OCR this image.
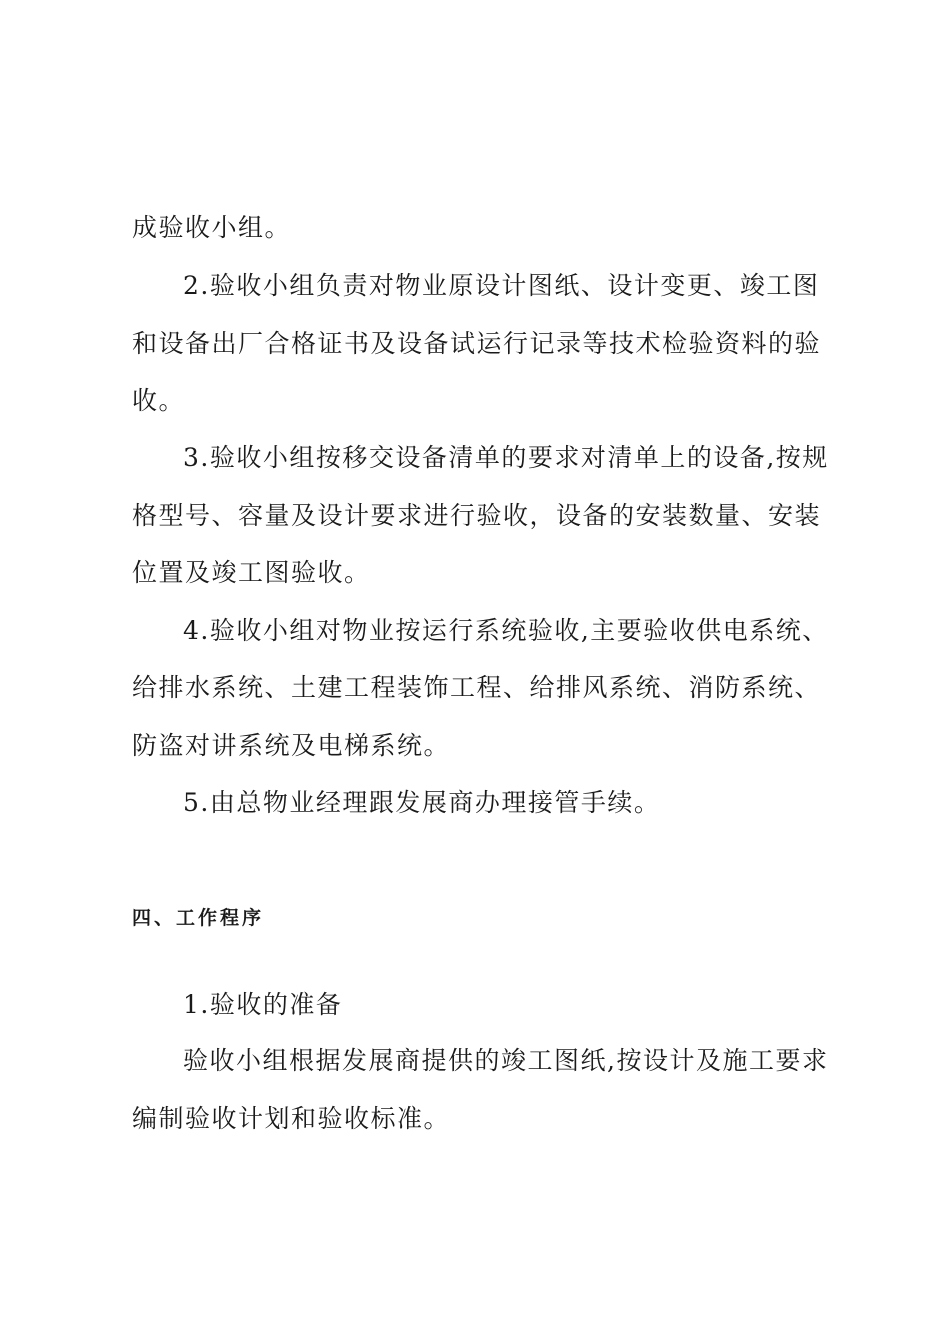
成验收小组。
2.验收小组负责对物业原设计图纸、设计变更、竣工图
和设备出厂合格证书及设备试运行记录等技术检验资料的验
收。
3.验收小组按移交设备清单的要求对清单上的设备,按规
格型号、容量及设计要求进行验收，设备的安装数量、安装
位置及竣工图验收。
4.验收小组对物业按运行系统验收,主要验收供电系统、
给排水系统、土建工程装饰工程、给排风系统、消防系统、
防盗对讲系统及电梯系统。
5.由总物业经理跟发展商办理接管手续。
四、工作程序
1.验收的准备
验收小组根据发展商提供的竣工图纸,按设计及施工要求
编制验收计划和验收标准。
